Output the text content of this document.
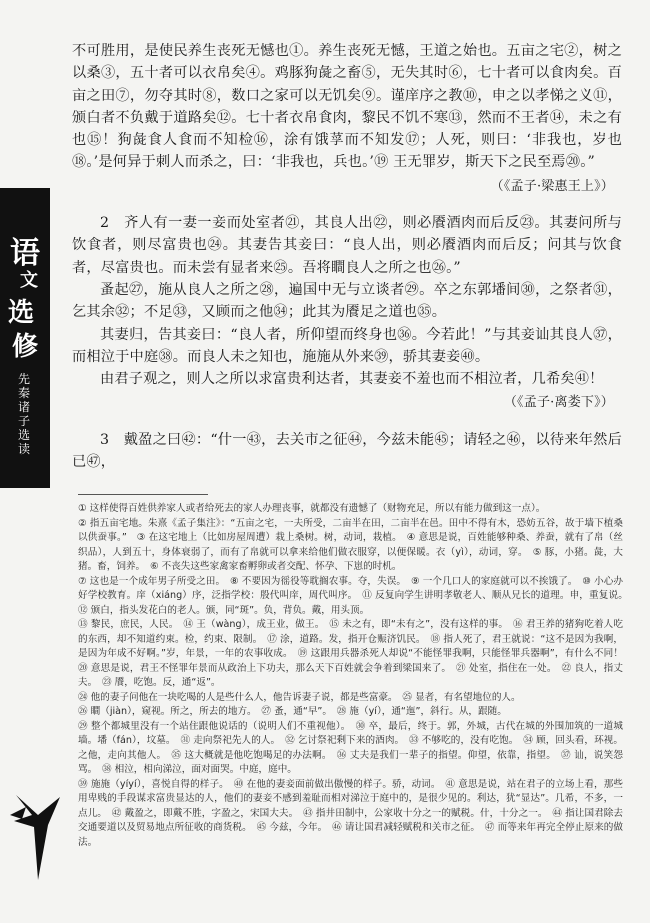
语
文
选
修
先秦诸子选读

不可胜用，是使民养生丧死无憾也①。养生丧死无憾，王道之始也。五亩之宅②，树之以桑③，五十者可以衣帛矣④。鸡豚狗彘之畜⑤，无失其时⑥，七十者可以食肉矣。百亩之田⑦，勿夺其时⑧，数口之家可以无饥矣⑨。谨庠序之教⑩，申之以孝悌之义⑪，颁白者不负戴于道路矣⑫。七十者衣帛食肉，黎民不饥不寒⑬，然而不王者⑭，未之有也⑮！狗彘食人食而不知检⑯，涂有饿莩而不知发⑰；人死，则曰：‘非我也，岁也⑱。’是何异于刺人而杀之，曰：‘非我也，兵也。’⑲ 王无罪岁，斯天下之民至焉⑳。”

（《孟子·梁惠王上》）

2　齐人有一妻一妾而处室者㉑，其良人出㉒，则必餍酒肉而后反㉓。其妻问所与饮食者，则尽富贵也㉔。其妻告其妾曰：“良人出，则必餍酒肉而后反；问其与饮食者，尽富贵也。而未尝有显者来㉕。吾将瞷良人之所之也㉖。”

蚤起㉗，施从良人之所之㉘，遍国中无与立谈者㉙。卒之东郭墦间㉚，之祭者㉛，乞其余㉜；不足㉝，又顾而之他㉞；此其为餍足之道也㉟。

其妻归，告其妾曰：“良人者，所仰望而终身也㊱。今若此！”与其妾讪其良人㊲，而相泣于中庭㊳。而良人未之知也，施施从外来㊴，骄其妻妾㊵。

由君子观之，则人之所以求富贵利达者，其妻妾不羞也而不相泣者，几希矣㊶！

（《孟子·离娄下》）

3　戴盈之曰㊷：“什一㊸，去关市之征㊹，今兹未能㊺；请轻之㊻，以待来年然后已㊼，

① 这样使得百姓供养家人或者给死去的家人办理丧事，就都没有遗憾了（财物充足，所以有能力做到这一点）。

② 指五亩宅地。朱熹《孟子集注》：“五亩之宅，一夫所受，二亩半在田，二亩半在邑。田中不得有木，恐妨五谷，故于墙下植桑以供蚕事。”　③ 在这宅地上（比如房屋周遭）栽上桑树。树，动词，栽植。　④ 意思是说，百姓能够种桑、养蚕，就有了帛（丝织品），人到五十，身体衰弱了，而有了帛就可以拿来给他们做衣服穿，以便保暖。衣（yì），动词，穿。　⑤ 豚，小猪。彘，大猪。畜，饲养。　⑥ 不丧失这些家禽家畜孵卵或者交配、怀孕、下崽的时机。

⑦ 这也是一个成年男子所受之田。　⑧ 不要因为徭役等耽搁农事。夺，失误。　⑨ 一个几口人的家庭就可以不挨饿了。　⑩ 小心办好学校教育。庠（xiáng）序，泛指学校：殷代叫庠，周代叫序。　⑪ 反复向学生讲明孝敬老人、顺从兄长的道理。申，重复说。　⑫ 颁白，指头发花白的老人。颁，同“斑”。负，背负。戴，用头顶。

⑬ 黎民，庶民，人民。　⑭ 王（wàng），成王业，做王。　⑮ 未之有，即“未有之”，没有这样的事。　⑯ 君王养的猪狗吃着人吃的东西，却不知道约束。检，约束、限制。　⑰ 涂，道路。发，指开仓赈济饥民。　⑱ 指人死了，君王就说：“这不是因为我啊，是因为年成不好啊。”岁，年景，一年的农事收成。　⑲ 这跟用兵器杀死人却说“不能怪罪我啊，只能怪罪兵器啊”，有什么不同！　⑳ 意思是说，君王不怪罪年景而从政治上下功夫，那么天下百姓就会争着到梁国来了。　㉑ 处室，指住在一处。　㉒ 良人，指丈夫。　㉓ 餍，吃饱。反，通“返”。

㉔ 他的妻子问他在一块吃喝的人是些什么人，他告诉妻子说，都是些富豪。　㉕ 显者，有名望地位的人。

㉖ 瞷（jiàn），窥视。所之，所去的地方。　㉗ 蚤，通“早”。　㉘ 施（yí），通“迤”，斜行。从，跟随。

㉙ 整个都城里没有一个站住跟他说话的（说明人们不重视他）。　㉚ 卒，最后，终于。郭，外城，古代在城的外围加筑的一道城墙。墦（fán），坟墓。　㉛ 走向祭祀先人的人。　㉜ 乞讨祭祀剩下来的酒肉。　㉝ 不够吃的，没有吃饱。　㉞ 顾，回头看，环视。之他，走向其他人。　㉟ 这大概就是他吃饱喝足的办法啊。　㊱ 丈夫是我们一辈子的指望。仰望，依靠，指望。　㊲ 讪，说笑怨骂。　㊳ 相泣，相向涕泣，面对面哭。中庭，庭中。

㊴ 施施（yíyí），喜悦自得的样子。　㊵ 在他的妻妾面前做出傲慢的样子。骄，动词。　㊶ 意思是说，站在君子的立场上看，那些用卑贱的手段谋求富贵显达的人，他们的妻妾不感到羞耻而相对涕泣于庭中的，是很少见的。利达，犹“显达”。几希，不多，一点儿。　㊷ 戴盈之，即戴不胜，字盈之，宋国大夫。　㊸ 指井田制中，公家收十分之一的赋税。什，十分之一。　㊹ 指让国君除去交通要道以及贸易地点所征收的商货税。　㊺ 今兹，今年。　㊻ 请让国君减轻赋税和关市之征。　㊼ 而等来年再完全停止原来的做法。
